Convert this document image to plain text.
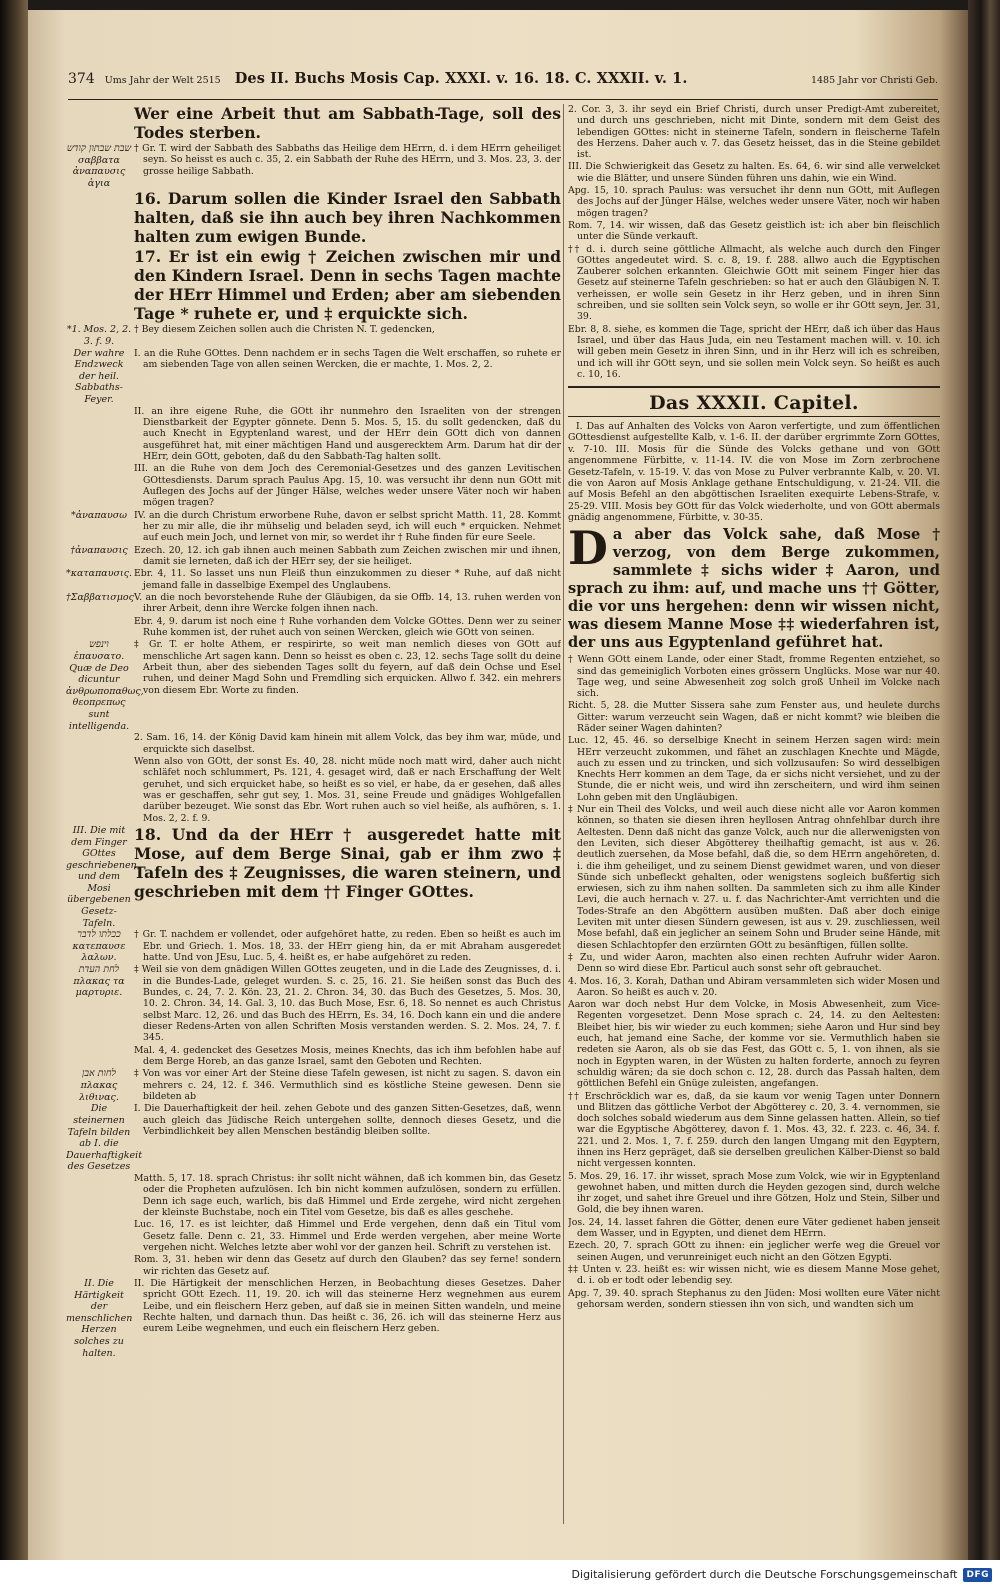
374 Ums Jahr der Welt 2515 Des II. Buchs Mosis Cap. XXXI. v. 16. 18. C. XXXII. v. 1.	1485 Jahr vor Christi Geb.

Wer eine Arbeit thut am Sabbath-Tage, soll des Todes sterben.

שבת שבתון קודש σαββατα ἀναπαυσις ἁγια

† Gr. T. wird der Sabbath des Sabbaths das Heilige dem HErrn, d. i dem HErrn geheiliget seyn. So heisst es auch c. 35, 2. ein Sabbath der Ruhe des HErrn, und 3. Mos. 23, 3. der grosse heilige Sabbath.

16. Darum sollen die Kinder Israel den Sabbath halten, daß sie ihn auch bey ihren Nachkommen halten zum ewigen Bunde.

17. Er ist ein ewig † Zeichen zwischen mir und den Kindern Israel. Denn in sechs Tagen machte der HErr Himmel und Erden; aber am siebenden Tage * ruhete er, und ‡ erquickte sich.

*1. Mos. 2, 2. 3. f. 9.

† Bey diesem Zeichen sollen auch die Christen N. T. gedencken,

Der wahre Endzweck der heil. Sabbaths-Feyer.

I. an die Ruhe GOttes. Denn nachdem er in sechs Tagen die Welt erschaffen, so ruhete er am siebenden Tage von allen seinen Wercken, die er machte, 1. Mos. 2, 2.

II. an ihre eigene Ruhe, die GOtt ihr nunmehro den Israeliten von der strengen Dienstbarkeit der Egypter gönnete. Denn 5. Mos. 5, 15. du sollt gedencken, daß du auch Knecht in Egyptenland warest, und der HErr dein GOtt dich von dannen ausgeführet hat, mit einer mächtigen Hand und ausgerecktem Arm. Darum hat dir der HErr, dein GOtt, geboten, daß du den Sabbath-Tag halten sollt.

III. an die Ruhe von dem Joch des Ceremonial-Gesetzes und des ganzen Levitischen GOttesdiensts. Darum sprach Paulus Apg. 15, 10. was versucht ihr denn nun GOtt mit Auflegen des Jochs auf der Jünger Hälse, welches weder unsere Väter noch wir haben mögen tragen?

*ἀναπαυσω IV. an die durch Christum erworbene Ruhe, davon er selbst spricht Matth. 11, 28. Kommt her zu mir alle, die ihr mühselig und beladen seyd, ich will euch * erquicken. Nehmet auf euch mein Joch, und lernet von mir, so werdet ihr † Ruhe finden für eure Seele.

†ἀναπαυσις Ezech. 20, 12. ich gab ihnen auch meinen Sabbath zum Zeichen zwischen mir und ihnen, damit sie lerneten, daß ich der HErr sey, der sie heiliget.

*καταπαυσις. Ebr. 4, 11. So lasset uns nun Fleiß thun einzukommen zu dieser * Ruhe, auf daß nicht jemand falle in dasselbige Exempel des Unglaubens.

†Σαββατισμος V. an die noch bevorstehende Ruhe der Gläubigen, da sie Offb. 14, 13. ruhen werden von ihrer Arbeit, denn ihre Wercke folgen ihnen nach.

Ebr. 4, 9. darum ist noch eine † Ruhe vorhanden dem Volcke GOttes. Denn wer zu seiner Ruhe kommen ist, der ruhet auch von seinen Wercken, gleich wie GOtt von seinen.

וינפש ἐπαυσατο. Quæ de Deo dicuntur ἀνθρωποπαθως, θεοπρεπως sunt intelligenda.

‡ Gr. T. er holte Athem, er respirirte, so weit man nemlich dieses von GOtt auf menschliche Art sagen kann. Denn so heisst es oben c. 23, 12. sechs Tage sollt du deine Arbeit thun, aber des siebenden Tages sollt du feyern, auf daß dein Ochse und Esel ruhen, und deiner Magd Sohn und Fremdling sich erquicken. Allwo f. 342. ein mehrers von diesem Ebr. Worte zu finden.

2. Sam. 16, 14. der König David kam hinein mit allem Volck, das bey ihm war, müde, und erquickte sich daselbst.

Wenn also von GOtt, der sonst Es. 40, 28. nicht müde noch matt wird, daher auch nicht schläfet noch schlummert, Ps. 121, 4. gesaget wird, daß er nach Erschaffung der Welt geruhet, und sich erquicket habe, so heißt es so viel, er habe, da er gesehen, daß alles was er geschaffen, sehr gut sey, 1. Mos. 31, seine Freude und gnädiges Wohlgefallen darüber bezeuget. Wie sonst das Ebr. Wort ruhen auch so viel heiße, als aufhören, s. 1. Mos. 2, 2. f. 9.

III. Die mit dem Finger GOttes geschriebenen, und dem Mosi übergebenen Gesetz-Tafeln.

18. Und da der HErr † ausgeredet hatte mit Mose, auf dem Berge Sinai, gab er ihm zwo ‡ Tafeln des ‡ Zeugnisses, die waren steinern, und geschrieben mit dem †† Finger GOttes.

ככלתו לדבר κατεπαυσε λαλων.

† Gr. T. nachdem er vollendet, oder aufgehöret hatte, zu reden. Eben so heißt es auch im Ebr. und Griech. 1. Mos. 18, 33. der HErr gieng hin, da er mit Abraham ausgeredet hatte. Und von JEsu, Luc. 5, 4. heißt es, er habe aufgehöret zu reden.

לחת העדת πλακας τα μαρτυριε.

‡ Weil sie von dem gnädigen Willen GOttes zeugeten, und in die Lade des Zeugnisses, d. i. in die Bundes-Lade, geleget wurden. S. c. 25, 16. 21. Sie heißen sonst das Buch des Bundes, c. 24, 7. 2. Kön. 23, 21. 2. Chron. 34, 30. das Buch des Gesetzes, 5. Mos. 30, 10. 2. Chron. 34, 14. Gal. 3, 10. das Buch Mose, Esr. 6, 18. So nennet es auch Christus selbst Marc. 12, 26. und das Buch des HErrn, Es. 34, 16. Doch kann ein und die andere dieser Redens-Arten von allen Schriften Mosis verstanden werden. S. 2. Mos. 24, 7. f. 345.

Mal. 4, 4. gedencket des Gesetzes Mosis, meines Knechts, das ich ihm befohlen habe auf dem Berge Horeb, an das ganze Israel, samt den Geboten und Rechten.

לחות אבן πλακας λιθινας.

‡ Von was vor einer Art der Steine diese Tafeln gewesen, ist nicht zu sagen. S. davon ein mehrers c. 24, 12. f. 346. Vermuthlich sind es köstliche Steine gewesen. Denn sie bildeten ab

Die steinernen Tafeln bilden ab I. die Dauerhaftigkeit des Gesetzes

I. Die Dauerhaftigkeit der heil. zehen Gebote und des ganzen Sitten-Gesetzes, daß, wenn auch gleich das Jüdische Reich untergehen sollte, dennoch dieses Gesetz, und die Verbindlichkeit bey allen Menschen beständig bleiben sollte.

Matth. 5, 17. 18. sprach Christus: ihr sollt nicht wähnen, daß ich kommen bin, das Gesetz oder die Propheten aufzulösen. Ich bin nicht kommen aufzulösen, sondern zu erfüllen. Denn ich sage euch, warlich, bis daß Himmel und Erde zergehe, wird nicht zergehen der kleinste Buchstabe, noch ein Titel vom Gesetze, bis daß es alles geschehe.

Luc. 16, 17. es ist leichter, daß Himmel und Erde vergehen, denn daß ein Titul vom Gesetz falle. Denn c. 21, 33. Himmel und Erde werden vergehen, aber meine Worte vergehen nicht. Welches letzte aber wohl vor der ganzen heil. Schrift zu verstehen ist.

Rom. 3, 31. heben wir denn das Gesetz auf durch den Glauben? das sey ferne! sondern wir richten das Gesetz auf.

II. Die Härtigkeit der menschlichen Herzen solches zu halten.

II. Die Härtigkeit der menschlichen Herzen, in Beobachtung dieses Gesetzes. Daher spricht GOtt Ezech. 11, 19. 20. ich will das steinerne Herz wegnehmen aus eurem Leibe, und ein fleischern Herz geben, auf daß sie in meinen Sitten wandeln, und meine Rechte halten, und darnach thun. Das heißt c. 36, 26. ich will das steinerne Herz aus eurem Leibe wegnehmen, und euch ein fleischern Herz geben.

2. Cor. 3, 3. ihr seyd ein Brief Christi, durch unser Predigt-Amt zubereitet, und durch uns geschrieben, nicht mit Dinte, sondern mit dem Geist des lebendigen GOttes: nicht in steinerne Tafeln, sondern in fleischerne Tafeln des Herzens. Daher auch v. 7. das Gesetz heisset, das in die Steine gebildet ist.

III. Die Schwierigkeit das Gesetz zu halten. Es. 64, 6. wir sind alle verwelcket wie die Blätter, und unsere Sünden führen uns dahin, wie ein Wind.

Apg. 15, 10. sprach Paulus: was versuchet ihr denn nun GOtt, mit Auflegen des Jochs auf der Jünger Hälse, welches weder unsere Väter, noch wir haben mögen tragen?

Rom. 7, 14. wir wissen, daß das Gesetz geistlich ist: ich aber bin fleischlich unter die Sünde verkauft.

†† d. i. durch seine göttliche Allmacht, als welche auch durch den Finger GOttes angedeutet wird. S. c. 8, 19. f. 288. allwo auch die Egyptischen Zauberer solchen erkannten. Gleichwie GOtt mit seinem Finger hier das Gesetz auf steinerne Tafeln geschrieben: so hat er auch den Gläubigen N. T. verheissen, er wolle sein Gesetz in ihr Herz geben, und in ihren Sinn schreiben, und sie sollten sein Volck seyn, so wolle er ihr GOtt seyn, Jer. 31, 39.

Ebr. 8, 8. siehe, es kommen die Tage, spricht der HErr, daß ich über das Haus Israel, und über das Haus Juda, ein neu Testament machen will. v. 10. ich will geben mein Gesetz in ihren Sinn, und in ihr Herz will ich es schreiben, und ich will ihr GOtt seyn, und sie sollen mein Volck seyn. So heißt es auch c. 10, 16.

Das XXXII. Capitel.

I. Das auf Anhalten des Volcks von Aaron verfertigte, und zum öffentlichen GOttesdienst aufgestellte Kalb, v. 1-6. II. der darüber ergrimmte Zorn GOttes, v. 7-10. III. Mosis für die Sünde des Volcks gethane und von GOtt angenommene Fürbitte, v. 11-14. IV. die von Mose im Zorn zerbrochene Gesetz-Tafeln, v. 15-19. V. das von Mose zu Pulver verbrannte Kalb, v. 20. VI. die von Aaron auf Mosis Anklage gethane Entschuldigung, v. 21-24. VII. die auf Mosis Befehl an den abgöttischen Israeliten exequirte Lebens-Strafe, v. 25-29. VIII. Mosis bey GOtt für das Volck wiederholte, und von GOtt abermals gnädig angenommene, Fürbitte, v. 30-35.

Da aber das Volck sahe, daß Mose † verzog, von dem Berge zukommen, sammlete ‡ sichs wider ‡ Aaron, und sprach zu ihm: auf, und mache uns †† Götter, die vor uns hergehen: denn wir wissen nicht, was diesem Manne Mose ‡‡ wiederfahren ist, der uns aus Egyptenland geführet hat.

† Wenn GOtt einem Lande, oder einer Stadt, fromme Regenten entziehet, so sind das gemeiniglich Vorboten eines grössern Unglücks. Mose war nur 40. Tage weg, und seine Abwesenheit zog solch groß Unheil im Volcke nach sich.

Richt. 5, 28. die Mutter Sissera sahe zum Fenster aus, und heulete durchs Gitter: warum verzeucht sein Wagen, daß er nicht kommt? wie bleiben die Räder seiner Wagen dahinten?

Luc. 12, 45. 46. so derselbige Knecht in seinem Herzen sagen wird: mein HErr verzeucht zukommen, und fähet an zuschlagen Knechte und Mägde, auch zu essen und zu trincken, und sich vollzusaufen: So wird desselbigen Knechts Herr kommen an dem Tage, da er sichs nicht versiehet, und zu der Stunde, die er nicht weis, und wird ihn zerscheitern, und wird ihm seinen Lohn geben mit den Ungläubigen.

‡ Nur ein Theil des Volcks, und weil auch diese nicht alle vor Aaron kommen können, so thaten sie diesen ihren heyllosen Antrag ohnfehlbar durch ihre Aeltesten. Denn daß nicht das ganze Volck, auch nur die allerwenigsten von den Leviten, sich dieser Abgötterey theilhaftig gemacht, ist aus v. 26. deutlich zuersehen, da Mose befahl, daß die, so dem HErrn angehöreten, d. i. die ihm geheiliget, und zu seinem Dienst gewidmet waren, und von dieser Sünde sich unbefleckt gehalten, oder wenigstens sogleich bußfertig sich erwiesen, sich zu ihm nahen sollten. Da sammleten sich zu ihm alle Kinder Levi, die auch hernach v. 27. u. f. das Nachrichter-Amt verrichten und die Todes-Strafe an den Abgöttern ausüben mußten. Daß aber doch einige Leviten mit unter diesen Sündern gewesen, ist aus v. 29. zuschliessen, weil Mose befahl, daß ein jeglicher an seinem Sohn und Bruder seine Hände, mit diesen Schlachtopfer den erzürnten GOtt zu besänftigen, füllen sollte.

‡ Zu, und wider Aaron, machten also einen rechten Aufruhr wider Aaron. Denn so wird diese Ebr. Particul auch sonst sehr oft gebrauchet.

4. Mos. 16, 3. Korah, Dathan und Abiram versammleten sich wider Mosen und Aaron. So heißt es auch v. 20.

Aaron war doch nebst Hur dem Volcke, in Mosis Abwesenheit, zum Vice-Regenten vorgesetzet. Denn Mose sprach c. 24, 14. zu den Aeltesten: Bleibet hier, bis wir wieder zu euch kommen; siehe Aaron und Hur sind bey euch, hat jemand eine Sache, der komme vor sie. Vermuthlich haben sie redeten sie Aaron, als ob sie das Fest, das GOtt c. 5, 1. von ihnen, als sie noch in Egypten waren, in der Wüsten zu halten forderte, annoch zu feyren schuldig wären; da sie doch schon c. 12, 28. durch das Passah halten, dem göttlichen Befehl ein Gnüge zuleisten, angefangen.

†† Erschröcklich war es, daß, da sie kaum vor wenig Tagen unter Donnern und Blitzen das göttliche Verbot der Abgötterey c. 20, 3. 4. vernommen, sie doch solches sobald wiederum aus dem Sinne gelassen hatten. Allein, so tief war die Egyptische Abgötterey, davon f. 1. Mos. 43, 32. f. 223. c. 46, 34. f. 221. und 2. Mos. 1, 7. f. 259. durch den langen Umgang mit den Egyptern, ihnen ins Herz gepräget, daß sie derselben greulichen Kälber-Dienst so bald nicht vergessen konnten.

5. Mos. 29, 16. 17. ihr wisset, sprach Mose zum Volck, wie wir in Egyptenland gewohnet haben, und mitten durch die Heyden gezogen sind, durch welche ihr zoget, und sahet ihre Greuel und ihre Götzen, Holz und Stein, Silber und Gold, die bey ihnen waren.

Jos. 24, 14. lasset fahren die Götter, denen eure Väter gedienet haben jenseit dem Wasser, und in Egypten, und dienet dem HErrn.

Ezech. 20, 7. sprach GOtt zu ihnen: ein jeglicher werfe weg die Greuel vor seinen Augen, und verunreiniget euch nicht an den Götzen Egypti.

‡‡ Unten v. 23. heißt es: wir wissen nicht, wie es diesem Manne Mose gehet, d. i. ob er todt oder lebendig sey.

Apg. 7, 39. 40. sprach Stephanus zu den Jüden: Mosi wollten eure Väter nicht gehorsam werden, sondern stiessen ihn von sich, und wandten sich um

Digitalisierung gefördert durch die Deutsche Forschungsgemeinschaft	DFG
